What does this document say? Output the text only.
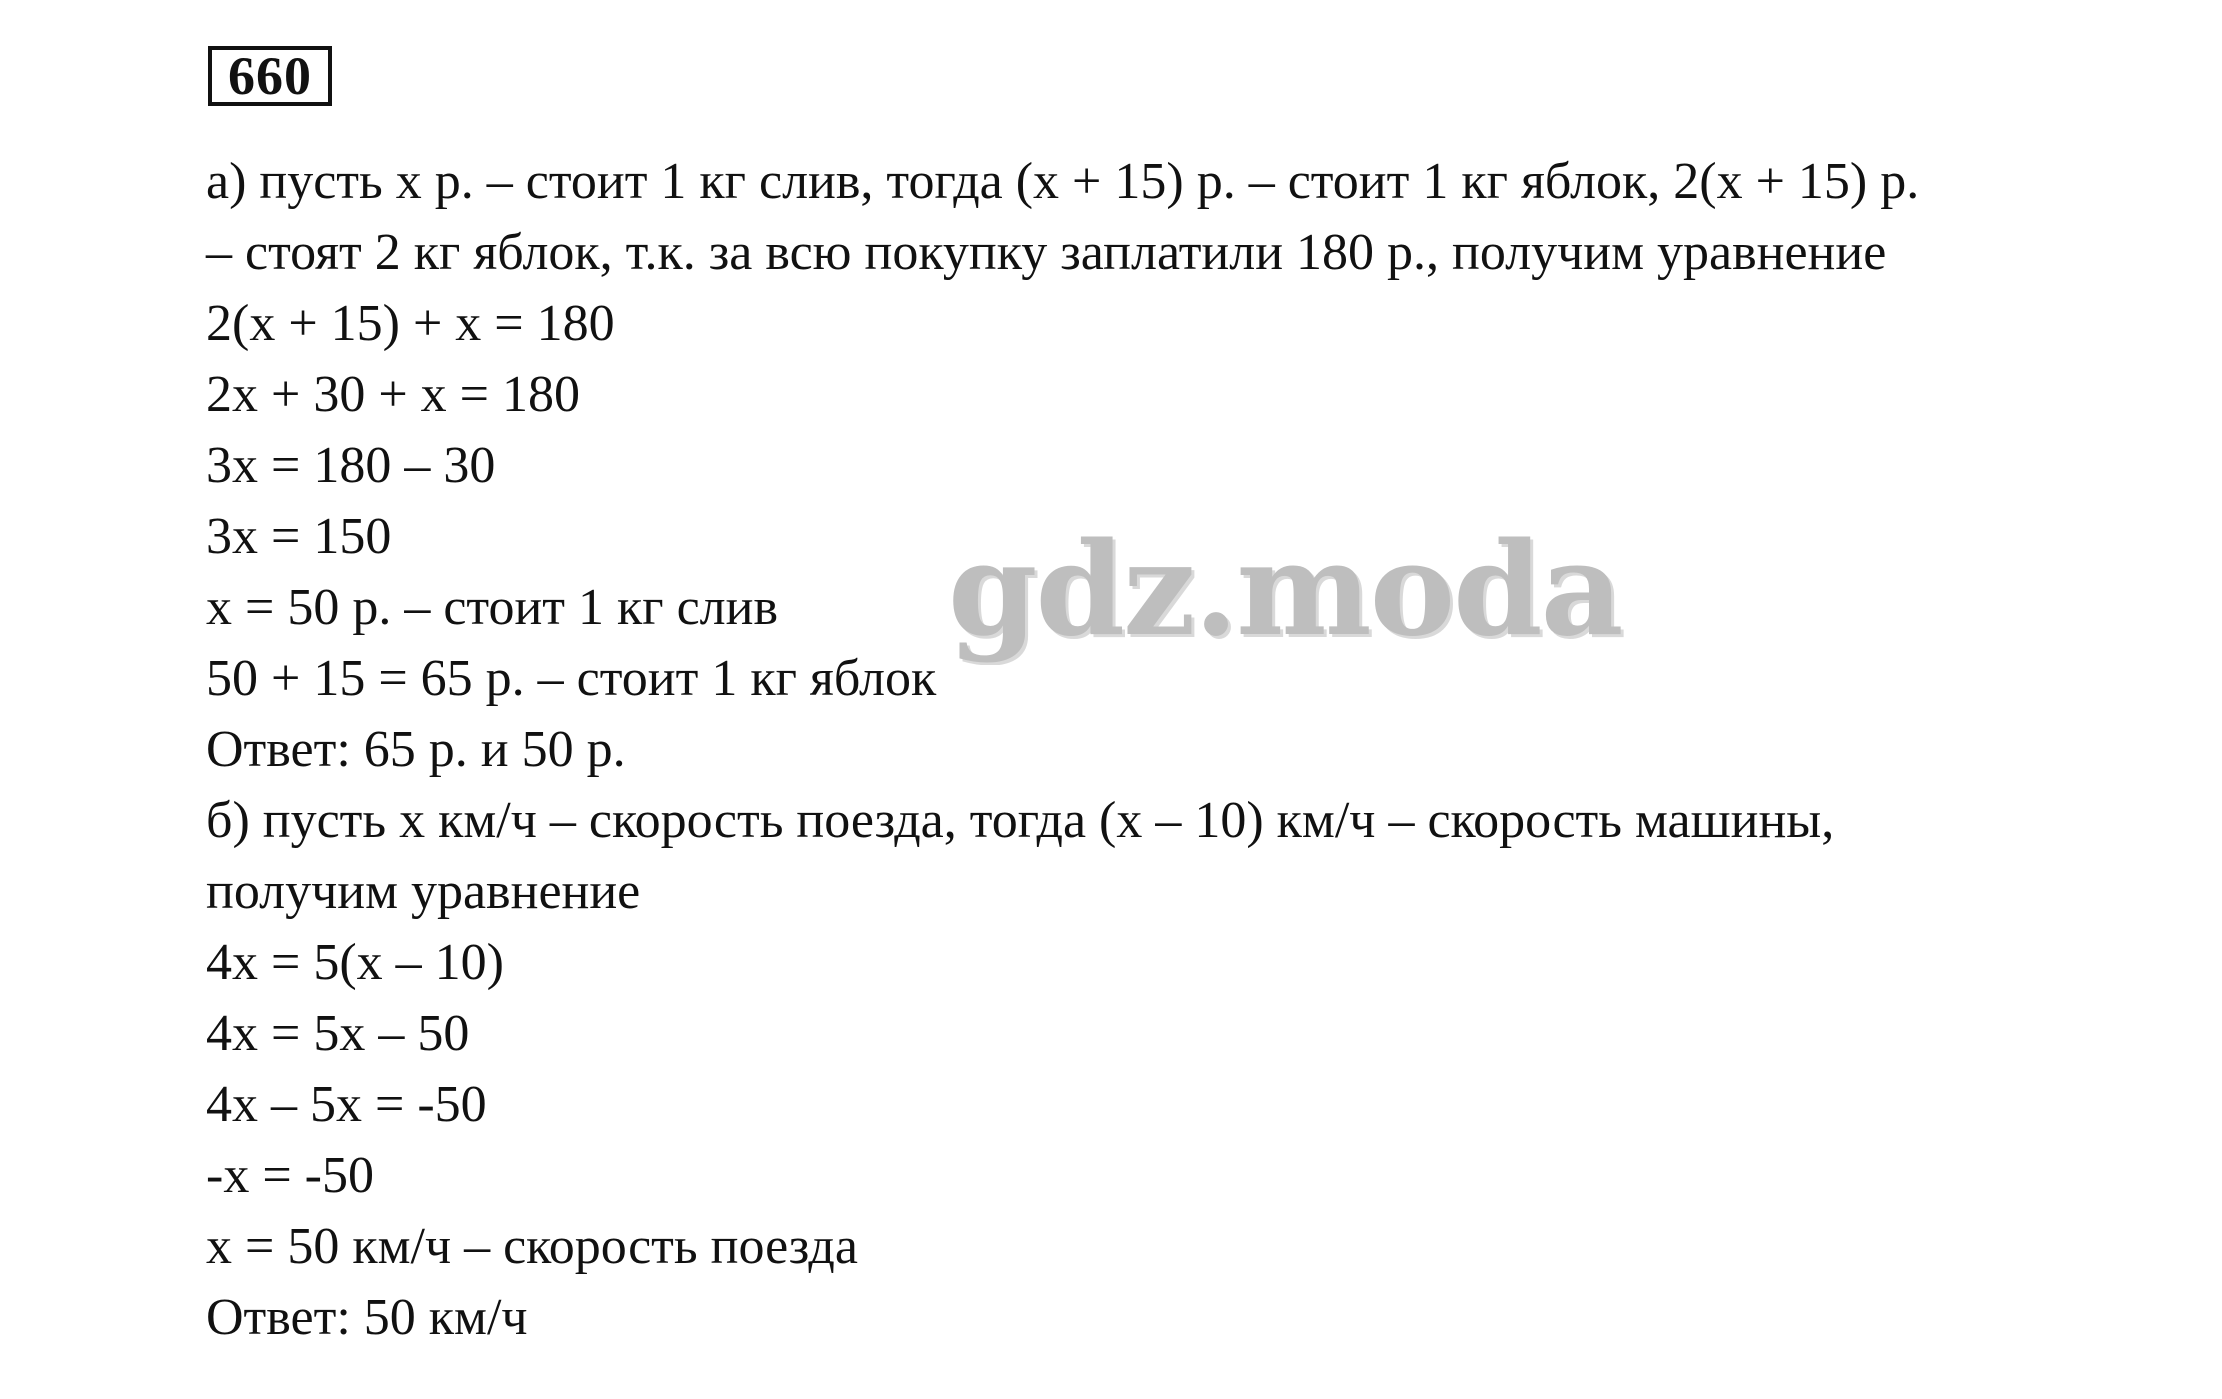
660
а) пусть х р. – стоит 1 кг слив, тогда (х + 15) р. – стоит 1 кг яблок, 2(х + 15) р.
– стоят 2 кг яблок, т.к. за всю покупку заплатили 180 р., получим уравнение
2(х + 15) + х = 180
2х + 30 + х = 180
3х = 180 – 30
3х = 150
х = 50 р. – стоит 1 кг слив
50 + 15 = 65 р. – стоит 1 кг яблок
Ответ: 65 р. и 50 р.
б) пусть х км/ч – скорость поезда, тогда (х – 10) км/ч – скорость машины,
получим уравнение
4х = 5(х – 10)
4х = 5х – 50
4х – 5х = -50
-х = -50
х = 50 км/ч – скорость поезда
Ответ: 50 км/ч
gdz.moda
